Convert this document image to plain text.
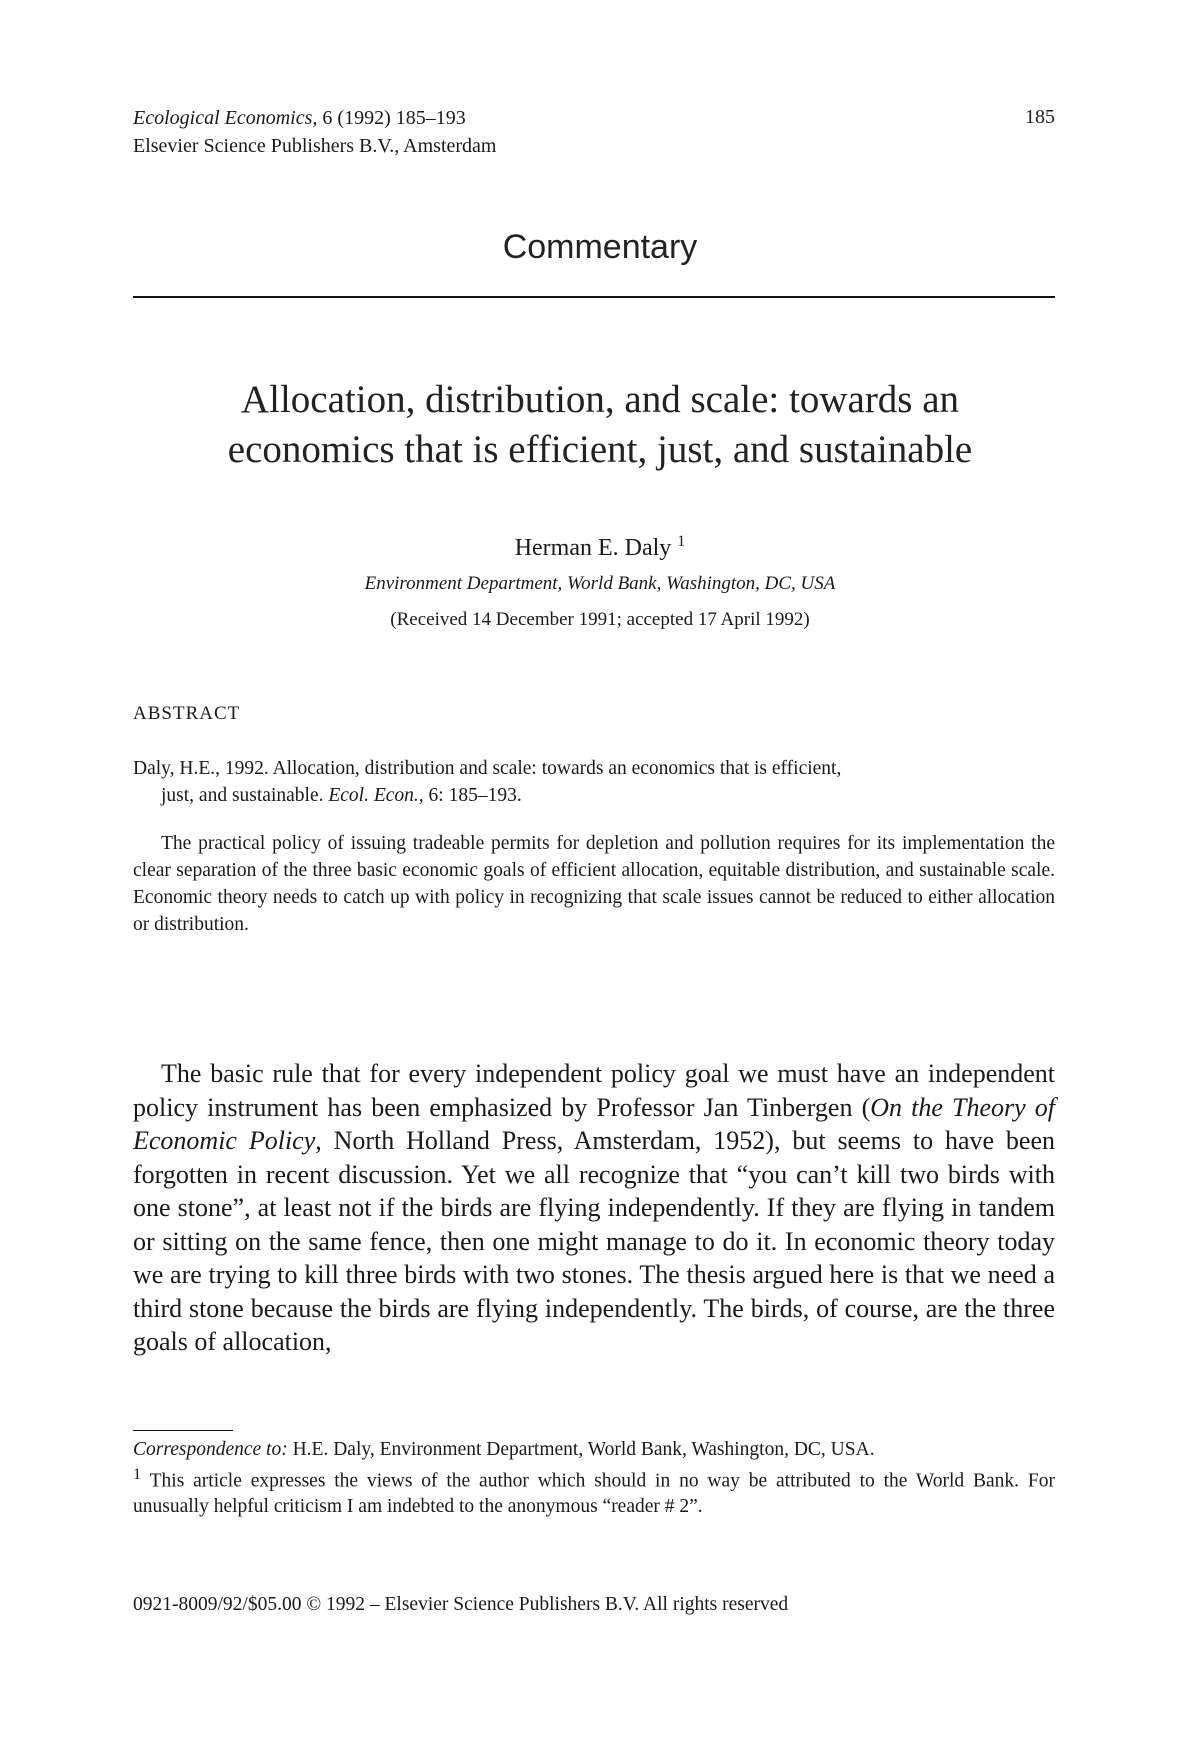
Ecological Economics, 6 (1992) 185–193
Elsevier Science Publishers B.V., Amsterdam
185
Commentary
Allocation, distribution, and scale: towards an
economics that is efficient, just, and sustainable
Herman E. Daly $^1$
Environment Department, World Bank, Washington, DC, USA
(Received 14 December 1991; accepted 17 April 1992)
ABSTRACT
Daly, H.E., 1992. Allocation, distribution and scale: towards an economics that is efficient,
just, and sustainable. Ecol. Econ., 6: 185–193.
The practical policy of issuing tradeable permits for depletion and pollution requires for its implementation the clear separation of the three basic economic goals of efficient allocation, equitable distribution, and sustainable scale. Economic theory needs to catch up with policy in recognizing that scale issues cannot be reduced to either allocation or distribution.
The basic rule that for every independent policy goal we must have an independent policy instrument has been emphasized by Professor Jan Tinbergen (On the Theory of Economic Policy, North Holland Press, Amsterdam, 1952), but seems to have been forgotten in recent discussion. Yet we all recognize that “you can’t kill two birds with one stone”, at least not if the birds are flying independently. If they are flying in tandem or sitting on the same fence, then one might manage to do it. In economic theory today we are trying to kill three birds with two stones. The thesis argued here is that we need a third stone because the birds are flying independently. The birds, of course, are the three goals of allocation,

Correspondence to: H.E. Daly, Environment Department, World Bank, Washington, DC, USA.

$^1$ This article expresses the views of the author which should in no way be attributed to the World Bank. For unusually helpful criticism I am indebted to the anonymous “reader # 2”.

0921-8009/92/$05.00 © 1992 – Elsevier Science Publishers B.V. All rights reserved
